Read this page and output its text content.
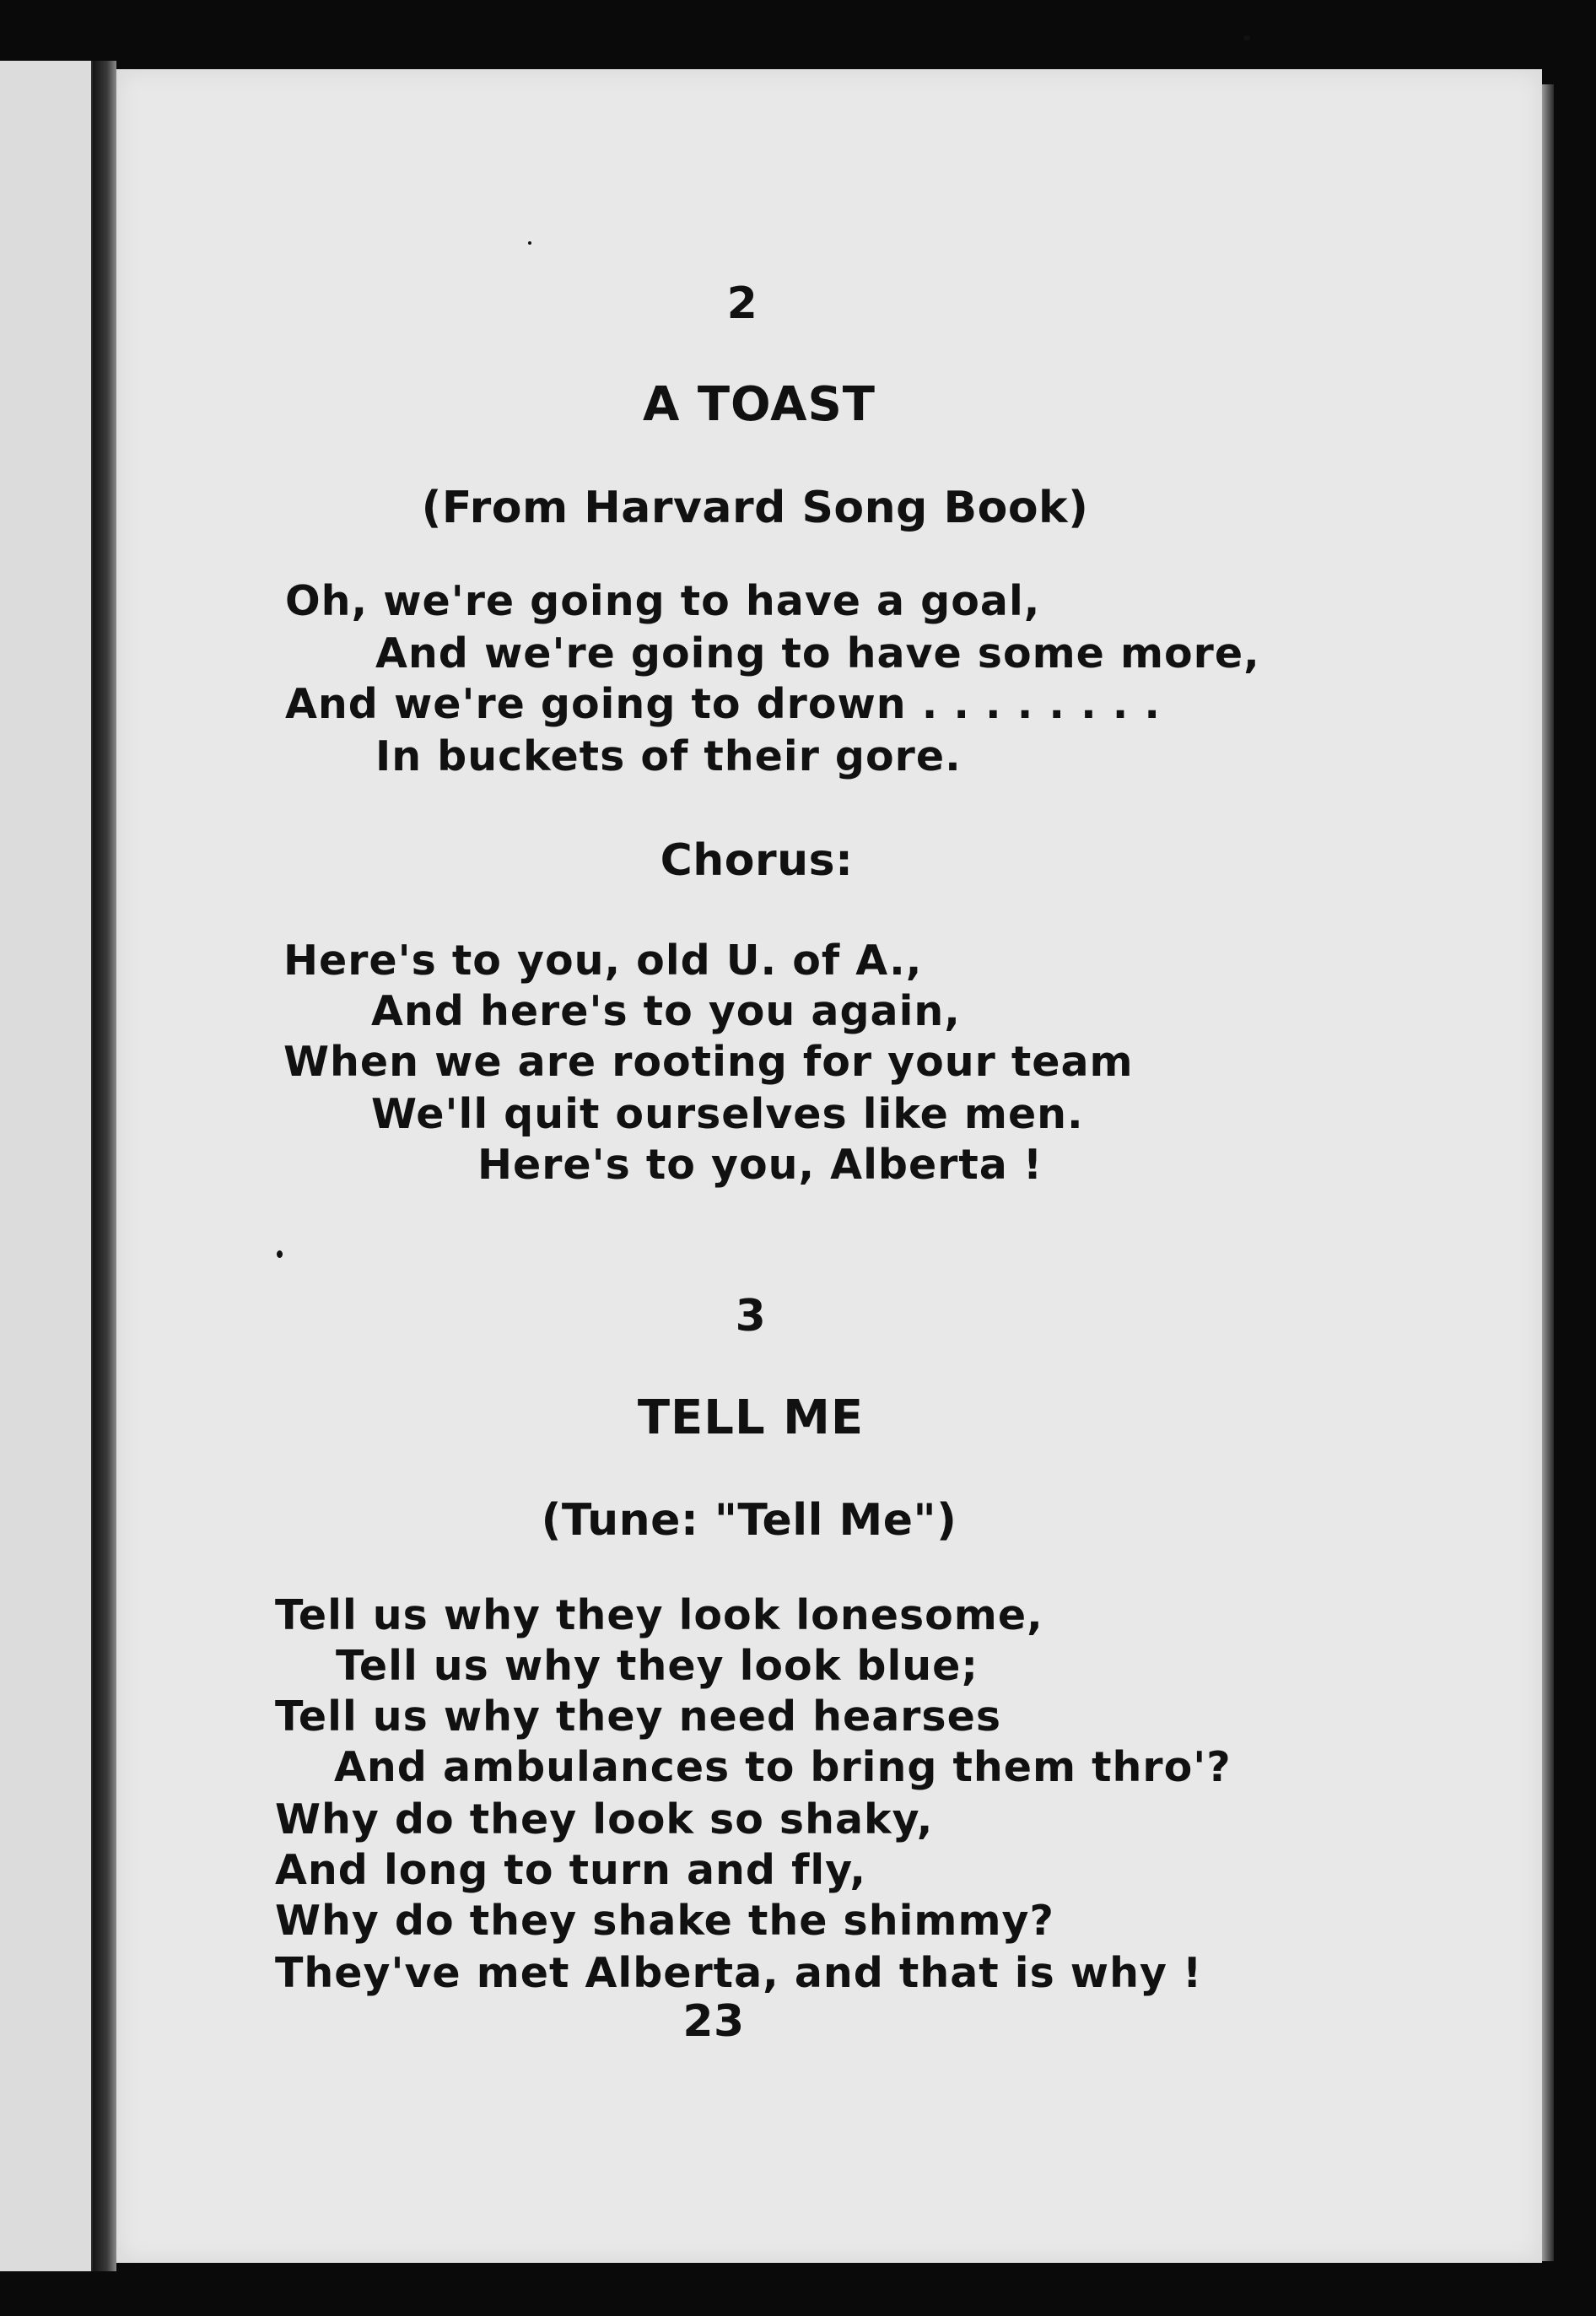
2
A TOAST
(From Harvard Song Book)
Oh, we're going to have a goal,
And we're going to have some more,
And we're going to drown . . . . . . . .
In buckets of their gore.
Chorus:
Here's to you, old U. of A.,
And here's to you again,
When we are rooting for your team
We'll quit ourselves like men.
Here's to you, Alberta !
3
TELL ME
(Tune: "Tell Me")
Tell us why they look lonesome,
Tell us why they look blue;
Tell us why they need hearses
And ambulances to bring them thro'?
Why do they look so shaky,
And long to turn and fly,
Why do they shake the shimmy?
They've met Alberta, and that is why !
23
